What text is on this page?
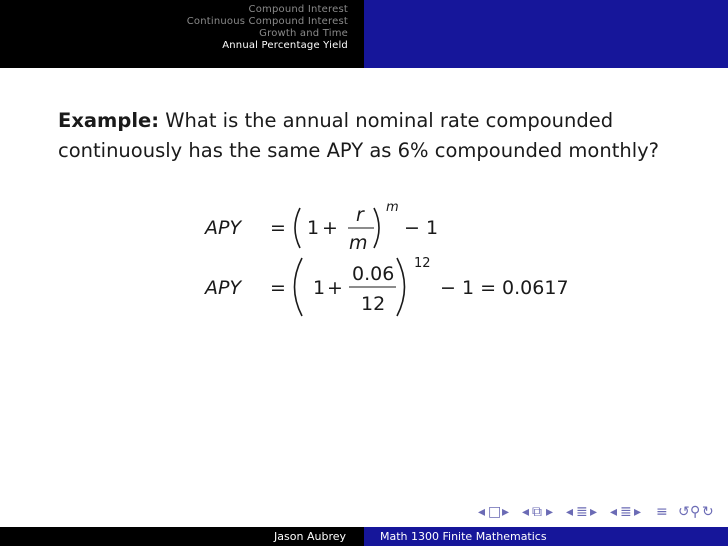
Compound Interest
Continuous Compound Interest
Growth and Time
Annual Percentage Yield
Example: What is the annual nominal rate compounded continuously has the same APY as 6% compounded monthly?
APY = 1 +
r
m
m
− 1
APY = 1 +
0.06
12
12
− 1 = 0.0617
◂ □ ▸ ◂ ⧉ ▸ ◂ ≣ ▸ ◂ ≣ ▸ ≡ ↺ ⚲ ↻
Jason Aubrey	Math 1300 Finite Mathematics
